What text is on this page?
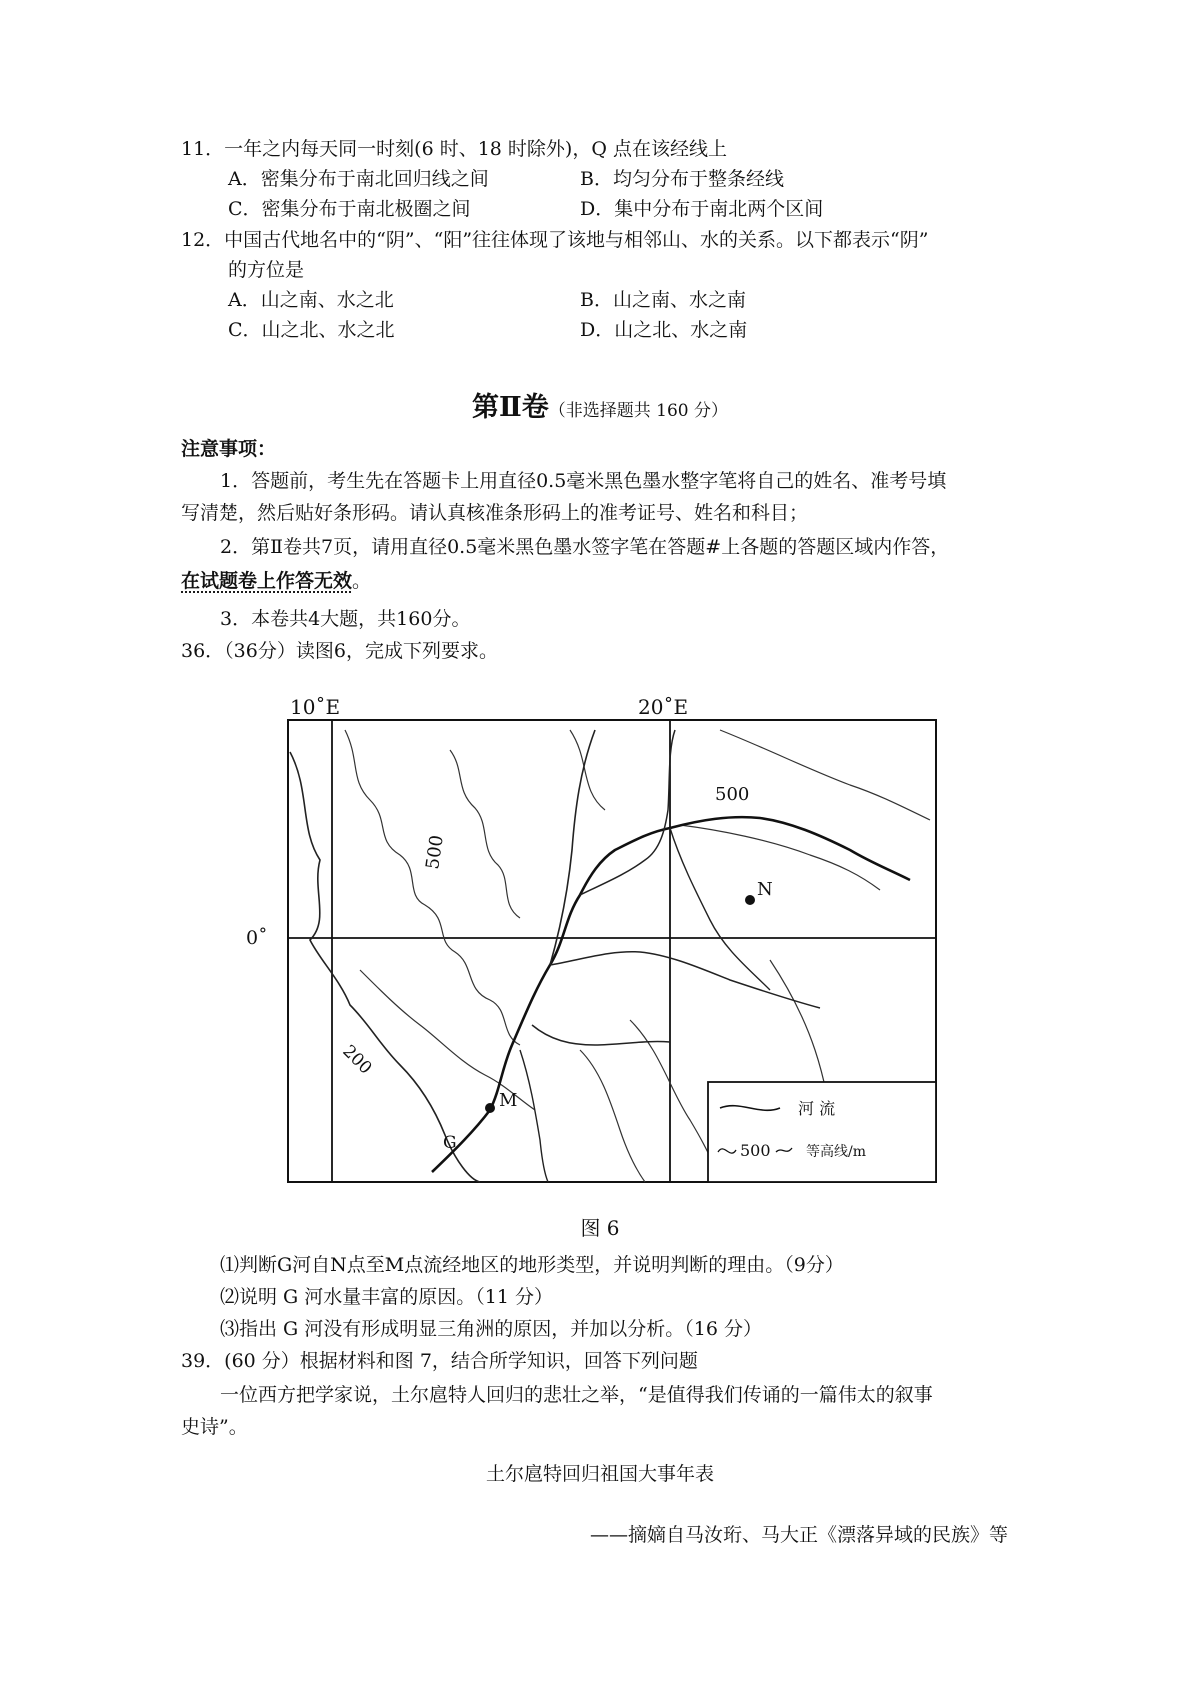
11．一年之内每天同一时刻(6 时、18 时除外)，Q 点在该经线上
A．密集分布于南北回归线之间	B．均匀分布于整条经线
C．密集分布于南北极圈之间	D．集中分布于南北两个区间
12．中国古代地名中的“阴”、“阳”往往体现了该地与相邻山、水的关系。以下都表示“阴”
的方位是
A．山之南、水之北	B．山之南、水之南
C．山之北、水之北	D．山之北、水之南
第Ⅱ卷（非选择题共 160 分）
注意事项：
1．答题前，考生先在答题卡上用直径0.5毫米黑色墨水整字笔将自己的姓名、准考号填
写清楚，然后贴好条形码。请认真核准条形码上的准考证号、姓名和科目；
2．第Ⅱ卷共7页，请用直径0.5毫米黑色墨水签字笔在答题#上各题的答题区域内作答，
在试题卷上作答无效。
3．本卷共4大题，共160分。
36．（36分）读图6，完成下列要求。
10˚E	20˚E
0˚
500
500
200
N
M
G
河 流
500	等高线/m
图 6
⑴判断G河自N点至M点流经地区的地形类型，并说明判断的理由。（9分）
⑵说明 G 河水量丰富的原因。（11 分）
⑶指出 G 河没有形成明显三角洲的原因，并加以分析。（16 分）
39．(60 分）根据材料和图 7，结合所学知识，回答下列问题
一位西方把学家说，土尔扈特人回归的悲壮之举，“是值得我们传诵的一篇伟太的叙事
史诗”。
土尔扈特回归祖国大事年表
——摘嫡自马汝珩、马大正《漂落异域的民族》等
